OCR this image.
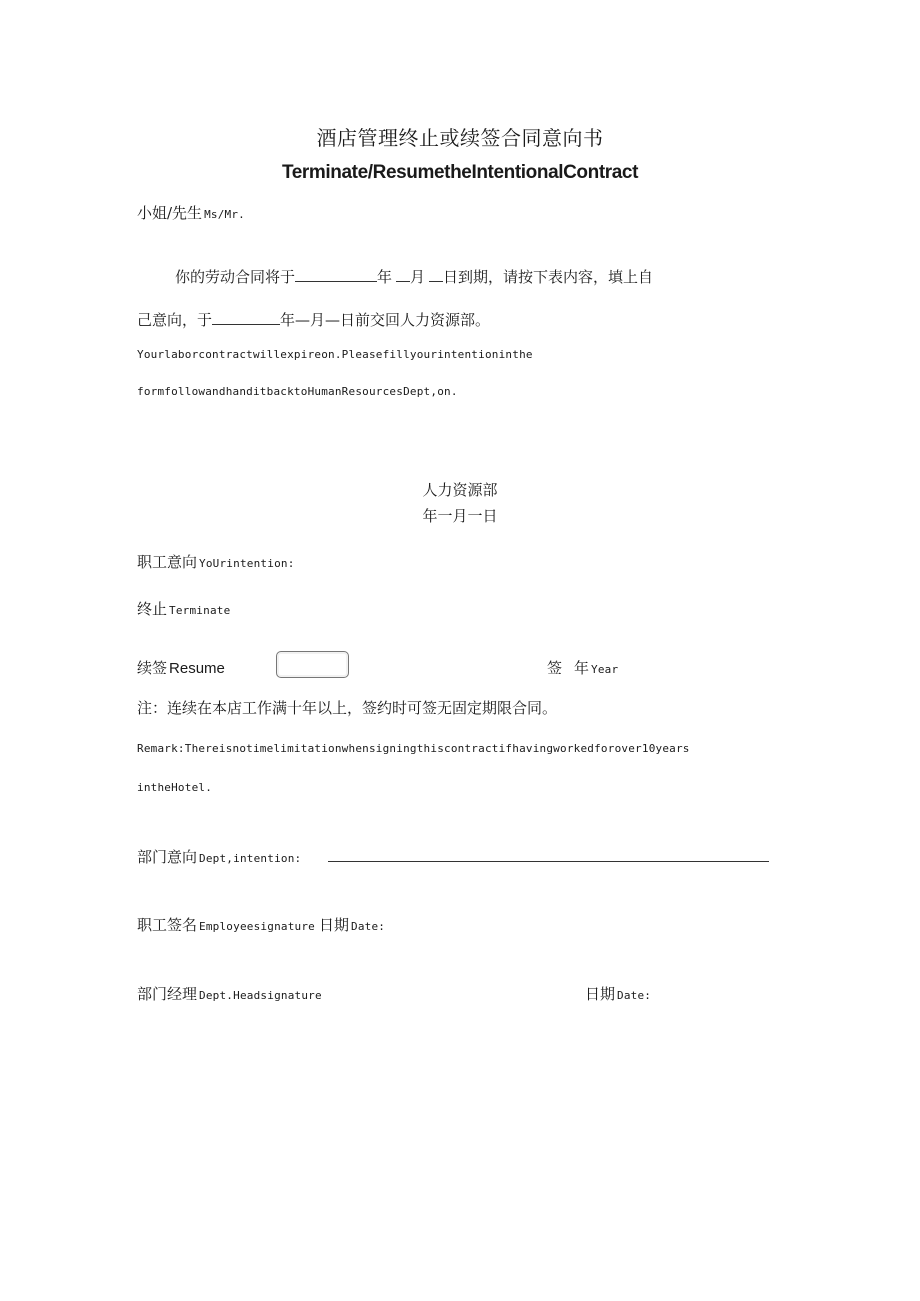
酒店管理终止或续签合同意向书
Terminate/ResumetheIntentionalContract
小姐/先生 Ms/Mr.
你的劳动合同将于	年 月 日到期，请按下表内容，填上自
己意向，于	年—月—日前交回人力资源部。
Yourlaborcontractwillexpireon.Pleasefillyourintentioninthe
formfollowandhanditbacktoHumanResourcesDept,on.
人力资源部
年一月一日
职工意向 YoUrintention:
终止 Terminate
续签 Resume	签 年 Year
注：连续在本店工作满十年以上，签约时可签无固定期限合同。
Remark:Thereisnotimelimitationwhensigningthiscontractifhavingworkedforover10years
intheHotel.
部门意向 Dept,intention:
职工签名 Employeesignature 日期 Date:
部门经理 Dept.Headsignature	日期 Date:
